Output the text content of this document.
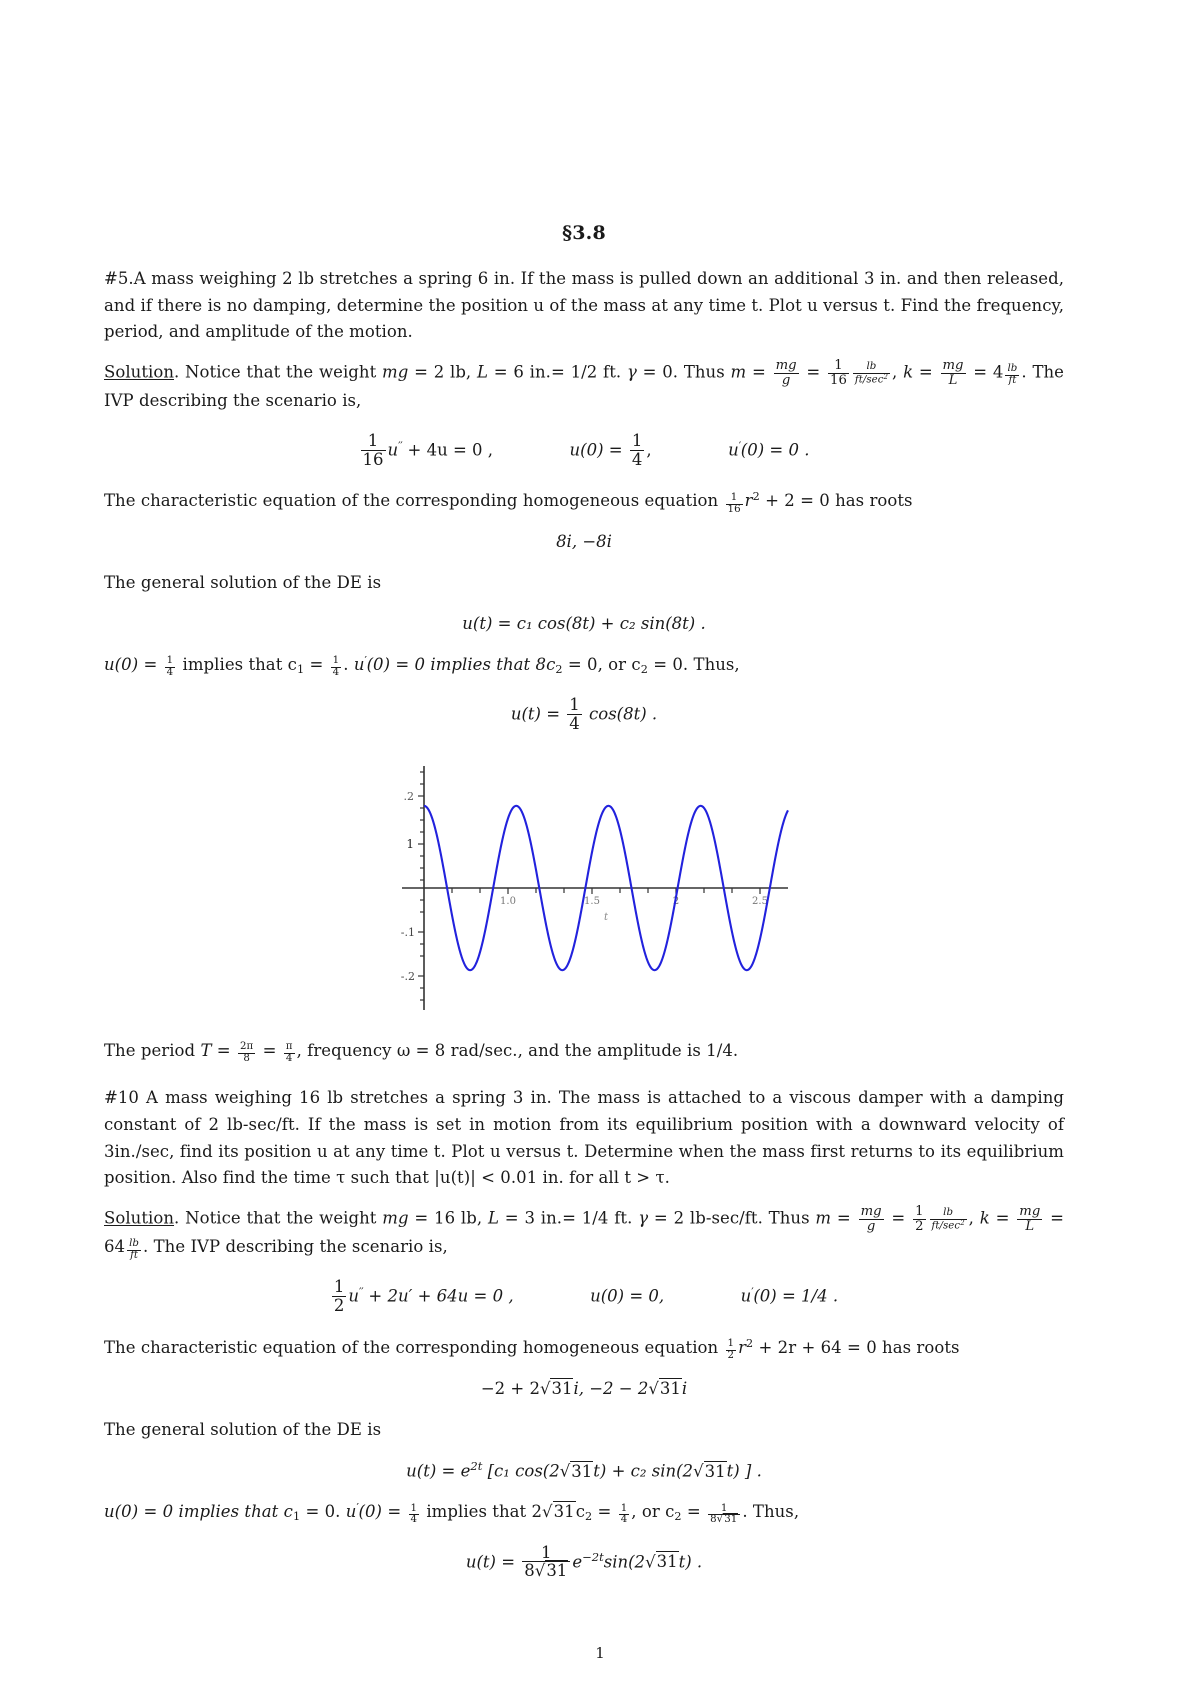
§3.8

#5.A mass weighing 2 lb stretches a spring 6 in. If the mass is pulled down an additional 3 in. and then released, and if there is no damping, determine the position u of the mass at any time t. Plot u versus t. Find the frequency, period, and amplitude of the motion.

Solution. Notice that the weight mg = 2 lb, L = 6 in.= 1/2 ft. γ = 0. Thus $m = \frac{mg}{g} = \frac{1}{16} \frac{lb}{ft/\sec^2}$ , $k = \frac{mg}{L} = 4 \frac{lb}{ft}$ . The IVP describing the scenario is,

$\frac{1}{16} u'' + 4u = 0$ ,	$u(0) = \frac{1}{4}$ ,	u′(0) = 0 .

The characteristic equation of the corresponding homogeneous equation $\frac{1}{16} r^2 + 2 = 0$ has roots

8i, −8i

The general solution of the DE is

u(t) = c₁ cos(8t) + c₂ sin(8t) .

$u(0) = \frac{1}{4}$ implies that $c_1 = \frac{1}{4}$ . u′(0) = 0 implies that $8c_2 = 0$, or $c_2 = 0$. Thus,

$u(t) = \frac{1}{4} \cos(8t)$ .
.2
1
-.1
-.2
1.0	1.5	2	2.5
t

The period $T = \frac{2\pi}{8} = \frac{\pi}{4}$ , frequency ω = 8 rad/sec., and the amplitude is 1/4.

#10 A mass weighing 16 lb stretches a spring 3 in. The mass is attached to a viscous damper with a damping constant of 2 lb-sec/ft. If the mass is set in motion from its equilibrium position with a downward velocity of 3in./sec, find its position u at any time t. Plot u versus t. Determine when the mass first returns to its equilibrium position. Also find the time τ such that |u(t)| < 0.01 in. for all t > τ.

Solution. Notice that the weight mg = 16 lb, L = 3 in.= 1/4 ft. γ = 2 lb-sec/ft. Thus $m = \frac{mg}{g} = \frac{1}{2} \frac{lb}{ft/\sec^2}$ , $k = \frac{mg}{L} = 64 \frac{lb}{ft}$ . The IVP describing the scenario is,

$\frac{1}{2} u'' + 2u' + 64u = 0$ ,	u(0) = 0,	u′(0) = 1/4 .

The characteristic equation of the corresponding homogeneous equation $\frac{1}{2} r^2 + 2r + 64 = 0$ has roots

−2 + 2√31i, −2 − 2√31i

The general solution of the DE is

$u(t) = e^{2t}$ [c₁ cos(2√31t) + c₂ sin(2√31t) ] .

u(0) = 0 implies that $c_1 = 0$. $u'(0) = \frac{1}{4}$ implies that $2√31c_2 = \frac{1}{4}$ , or $c_2 = \frac{1}{8√31}$ . Thus,

$u(t) = \frac{1}{8√31} e^{-2t}\sin(2√31t)$ .
1
